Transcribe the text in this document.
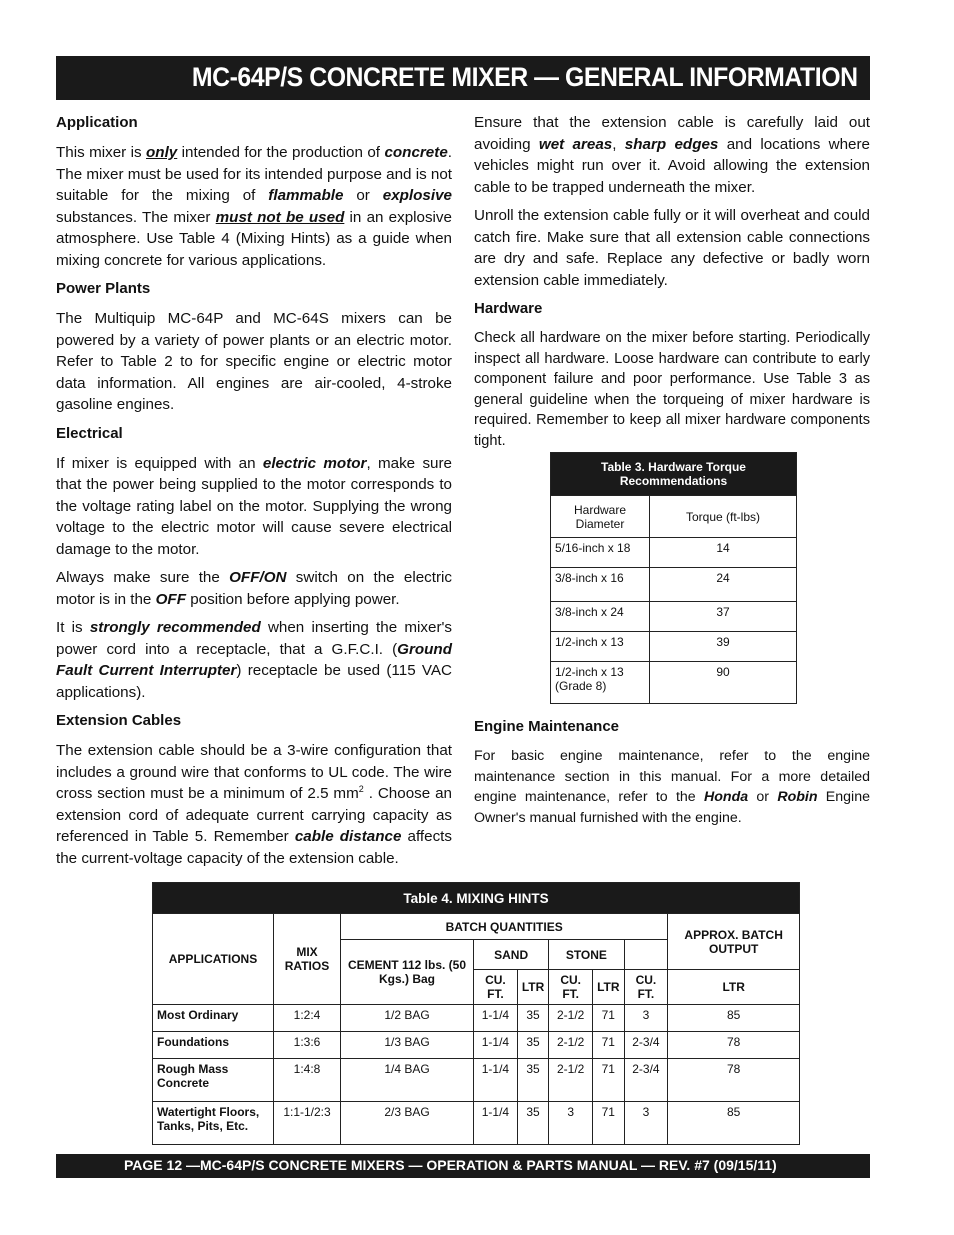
MC-64P/S CONCRETE MIXER — GENERAL INFORMATION
Application

This mixer is only intended for the production of concrete. The mixer must be used for its intended purpose and is not suitable for the mixing of flammable or explosive substances. The mixer must not be used in an explosive atmosphere. Use Table 4 (Mixing Hints) as a guide when mixing concrete for various applications.

Power Plants

The Multiquip MC-64P and MC-64S mixers can be powered by a variety of power plants or an electric motor. Refer to Table 2 to for specific engine or electric motor data information. All engines are air-cooled, 4-stroke gasoline engines.

Electrical

If mixer is equipped with an electric motor, make sure that the power being supplied to the motor corresponds to the voltage rating label on the motor. Supplying the wrong voltage to the electric motor will cause severe electrical damage to the motor.

Always make sure the OFF/ON switch on the electric motor is in the OFF position before applying power.

It is strongly recommended when inserting the mixer's power cord into a receptacle, that a G.F.C.I. (Ground Fault Current Interrupter) receptacle be used (115 VAC applications).

Extension Cables

The extension cable should be a 3-wire configuration that includes a ground wire that conforms to UL code. The wire cross section must be a minimum of 2.5 $mm^2$ . Choose an extension cord of adequate current carrying capacity as referenced in Table 5. Remember cable distance affects the current-voltage capacity of the extension cable.

Ensure that the extension cable is carefully laid out avoiding wet areas, sharp edges and locations where vehicles might run over it. Avoid allowing the extension cable to be trapped underneath the mixer.

Unroll the extension cable fully or it will overheat and could catch fire. Make sure that all extension cable connections are dry and safe. Replace any defective or badly worn extension cable immediately.

Hardware

Check all hardware on the mixer before starting. Periodically inspect all hardware. Loose hardware can contribute to early component failure and poor performance. Use Table 3 as general guideline when the torqueing of mixer hardware is required. Remember to keep all mixer hardware components tight.

Engine Maintenance

For basic engine maintenance, refer to the engine maintenance section in this manual. For a more detailed engine maintenance, refer to the Honda or Robin Engine Owner's manual furnished with the engine.

Table 3. Hardware Torque Recommendations	
Hardware Diameter	Torque (ft-lbs)
5/16-inch x 18	14
3/8-inch x 16	24
3/8-inch x 24	37
1/2-inch x 13	39
1/2-inch x 13 (Grade 8)	90
Table 4. MIXING HINTS								
APPLICATIONS	MIX RATIOS	BATCH QUANTITIES						APPROX. BATCH OUTPUT
		CEMENT 112 lbs. (50 Kgs.) Bag	SAND		STONE			
			CU. FT.	LTR	CU. FT.	LTR	CU. FT.	LTR
Most Ordinary	1:2:4	1/2 BAG	1-1/4	35	2-1/2	71	3	85
Foundations	1:3:6	1/3 BAG	1-1/4	35	2-1/2	71	2-3/4	78
Rough Mass Concrete	1:4:8	1/4 BAG	1-1/4	35	2-1/2	71	2-3/4	78
Watertight Floors, Tanks, Pits, Etc.	1:1-1/2:3	2/3 BAG	1-1/4	35	3	71	3	85
PAGE 12 —MC-64P/S CONCRETE MIXERS — OPERATION & PARTS MANUAL — REV. #7 (09/15/11)
